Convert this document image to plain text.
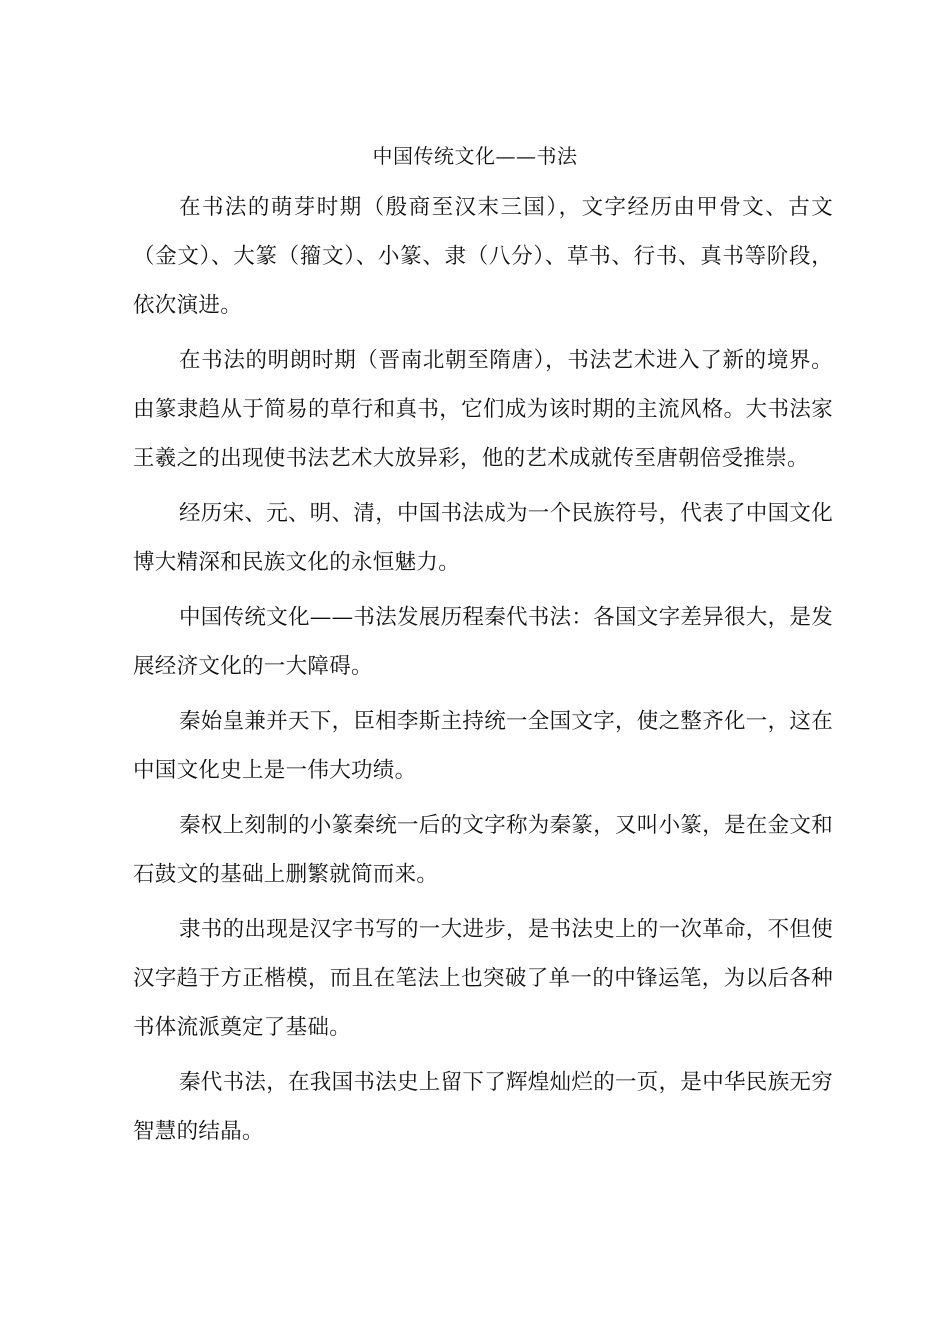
中国传统文化——书法

在书法的萌芽时期（殷商至汉末三国），文字经历由甲骨文、古文（金文）、大篆（籀文）、小篆、隶（八分）、草书、行书、真书等阶段，依次演进。

在书法的明朗时期（晋南北朝至隋唐），书法艺术进入了新的境界。由篆隶趋从于简易的草行和真书，它们成为该时期的主流风格。大书法家王羲之的出现使书法艺术大放异彩，他的艺术成就传至唐朝倍受推崇。

经历宋、元、明、清，中国书法成为一个民族符号，代表了中国文化博大精深和民族文化的永恒魅力。

中国传统文化——书法发展历程秦代书法：各国文字差异很大，是发展经济文化的一大障碍。

秦始皇兼并天下，臣相李斯主持统一全国文字，使之整齐化一，这在中国文化史上是一伟大功绩。

秦权上刻制的小篆秦统一后的文字称为秦篆，又叫小篆，是在金文和石鼓文的基础上删繁就简而来。

隶书的出现是汉字书写的一大进步，是书法史上的一次革命，不但使汉字趋于方正楷模，而且在笔法上也突破了单一的中锋运笔，为以后各种书体流派奠定了基础。

秦代书法，在我国书法史上留下了辉煌灿烂的一页，是中华民族无穷智慧的结晶。
